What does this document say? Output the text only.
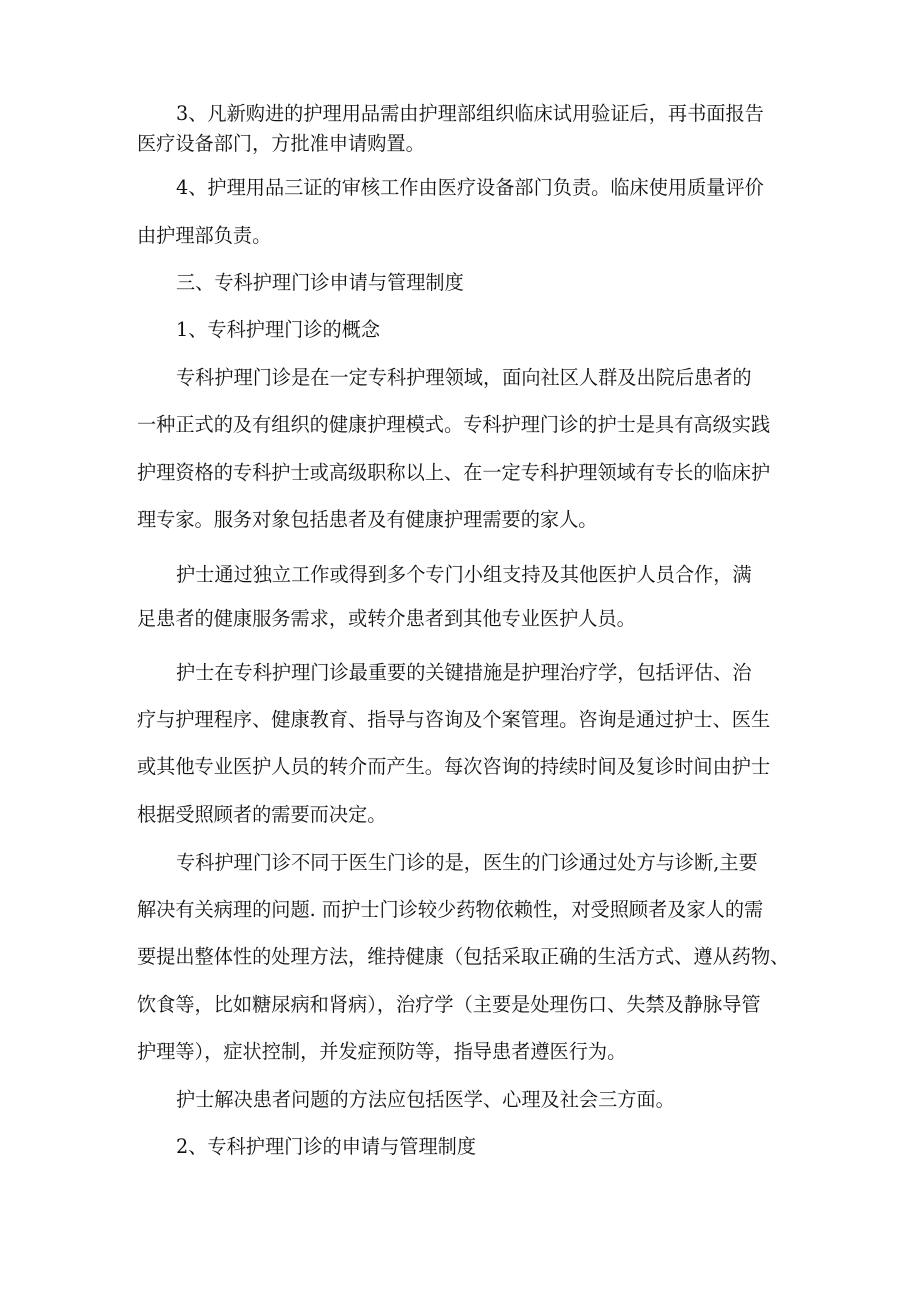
3、凡新购进的护理用品需由护理部组织临床试用验证后，再书面报告
医疗设备部门，方批准申请购置。
4、护理用品三证的审核工作由医疗设备部门负责。临床使用质量评价
由护理部负责。
三、专科护理门诊申请与管理制度
1、专科护理门诊的概念
专科护理门诊是在一定专科护理领域，面向社区人群及出院后患者的
一种正式的及有组织的健康护理模式。专科护理门诊的护士是具有高级实践
护理资格的专科护士或高级职称以上、在一定专科护理领域有专长的临床护
理专家。服务对象包括患者及有健康护理需要的家人。
护士通过独立工作或得到多个专门小组支持及其他医护人员合作，满
足患者的健康服务需求，或转介患者到其他专业医护人员。
护士在专科护理门诊最重要的关键措施是护理治疗学，包括评估、治
疗与护理程序、健康教育、指导与咨询及个案管理。咨询是通过护士、医生
或其他专业医护人员的转介而产生。每次咨询的持续时间及复诊时间由护士
根据受照顾者的需要而决定。
专科护理门诊不同于医生门诊的是，医生的门诊通过处方与诊断,主要
解决有关病理的问题. 而护士门诊较少药物依赖性，对受照顾者及家人的需
要提出整体性的处理方法，维持健康（包括采取正确的生活方式、遵从药物、
饮食等，比如糖尿病和肾病），治疗学（主要是处理伤口、失禁及静脉导管
护理等），症状控制，并发症预防等，指导患者遵医行为。
护士解决患者问题的方法应包括医学、心理及社会三方面。
2、专科护理门诊的申请与管理制度
